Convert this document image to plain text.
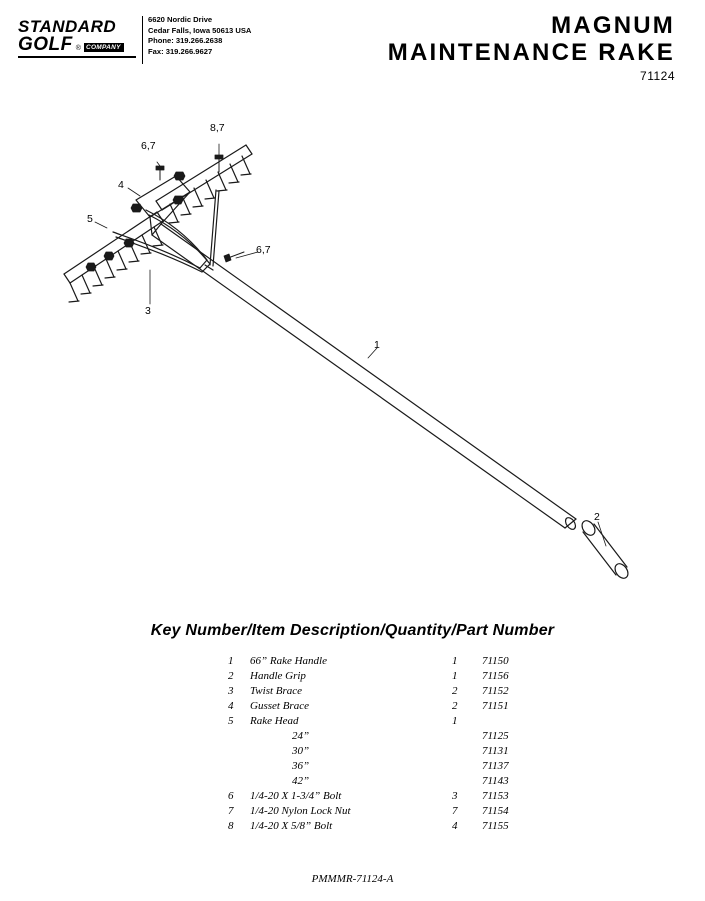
STANDARD
GOLF ® COMPANY
6620 Nordic Drive
Cedar Falls, Iowa 50613 USA
Phone: 319.266.2638
Fax: 319.266.9627
MAGNUM
MAINTENANCE RAKE
71124
6,7
8,7
4
5
6,7
3
1
2
Key Number/Item Description/Quantity/Part Number
1	66” Rake Handle	1	71150
2	Handle Grip	1	71156
3	Twist Brace	2	71152
4	Gusset Brace	2	71151
5	Rake Head	1	
	24”		71125
	30”		71131
	36”		71137
	42”		71143
6	1/4-20 X 1-3/4” Bolt	3	71153
7	1/4-20 Nylon Lock Nut	7	71154
8	1/4-20 X 5/8” Bolt	4	71155
PMMMR-71124-A
